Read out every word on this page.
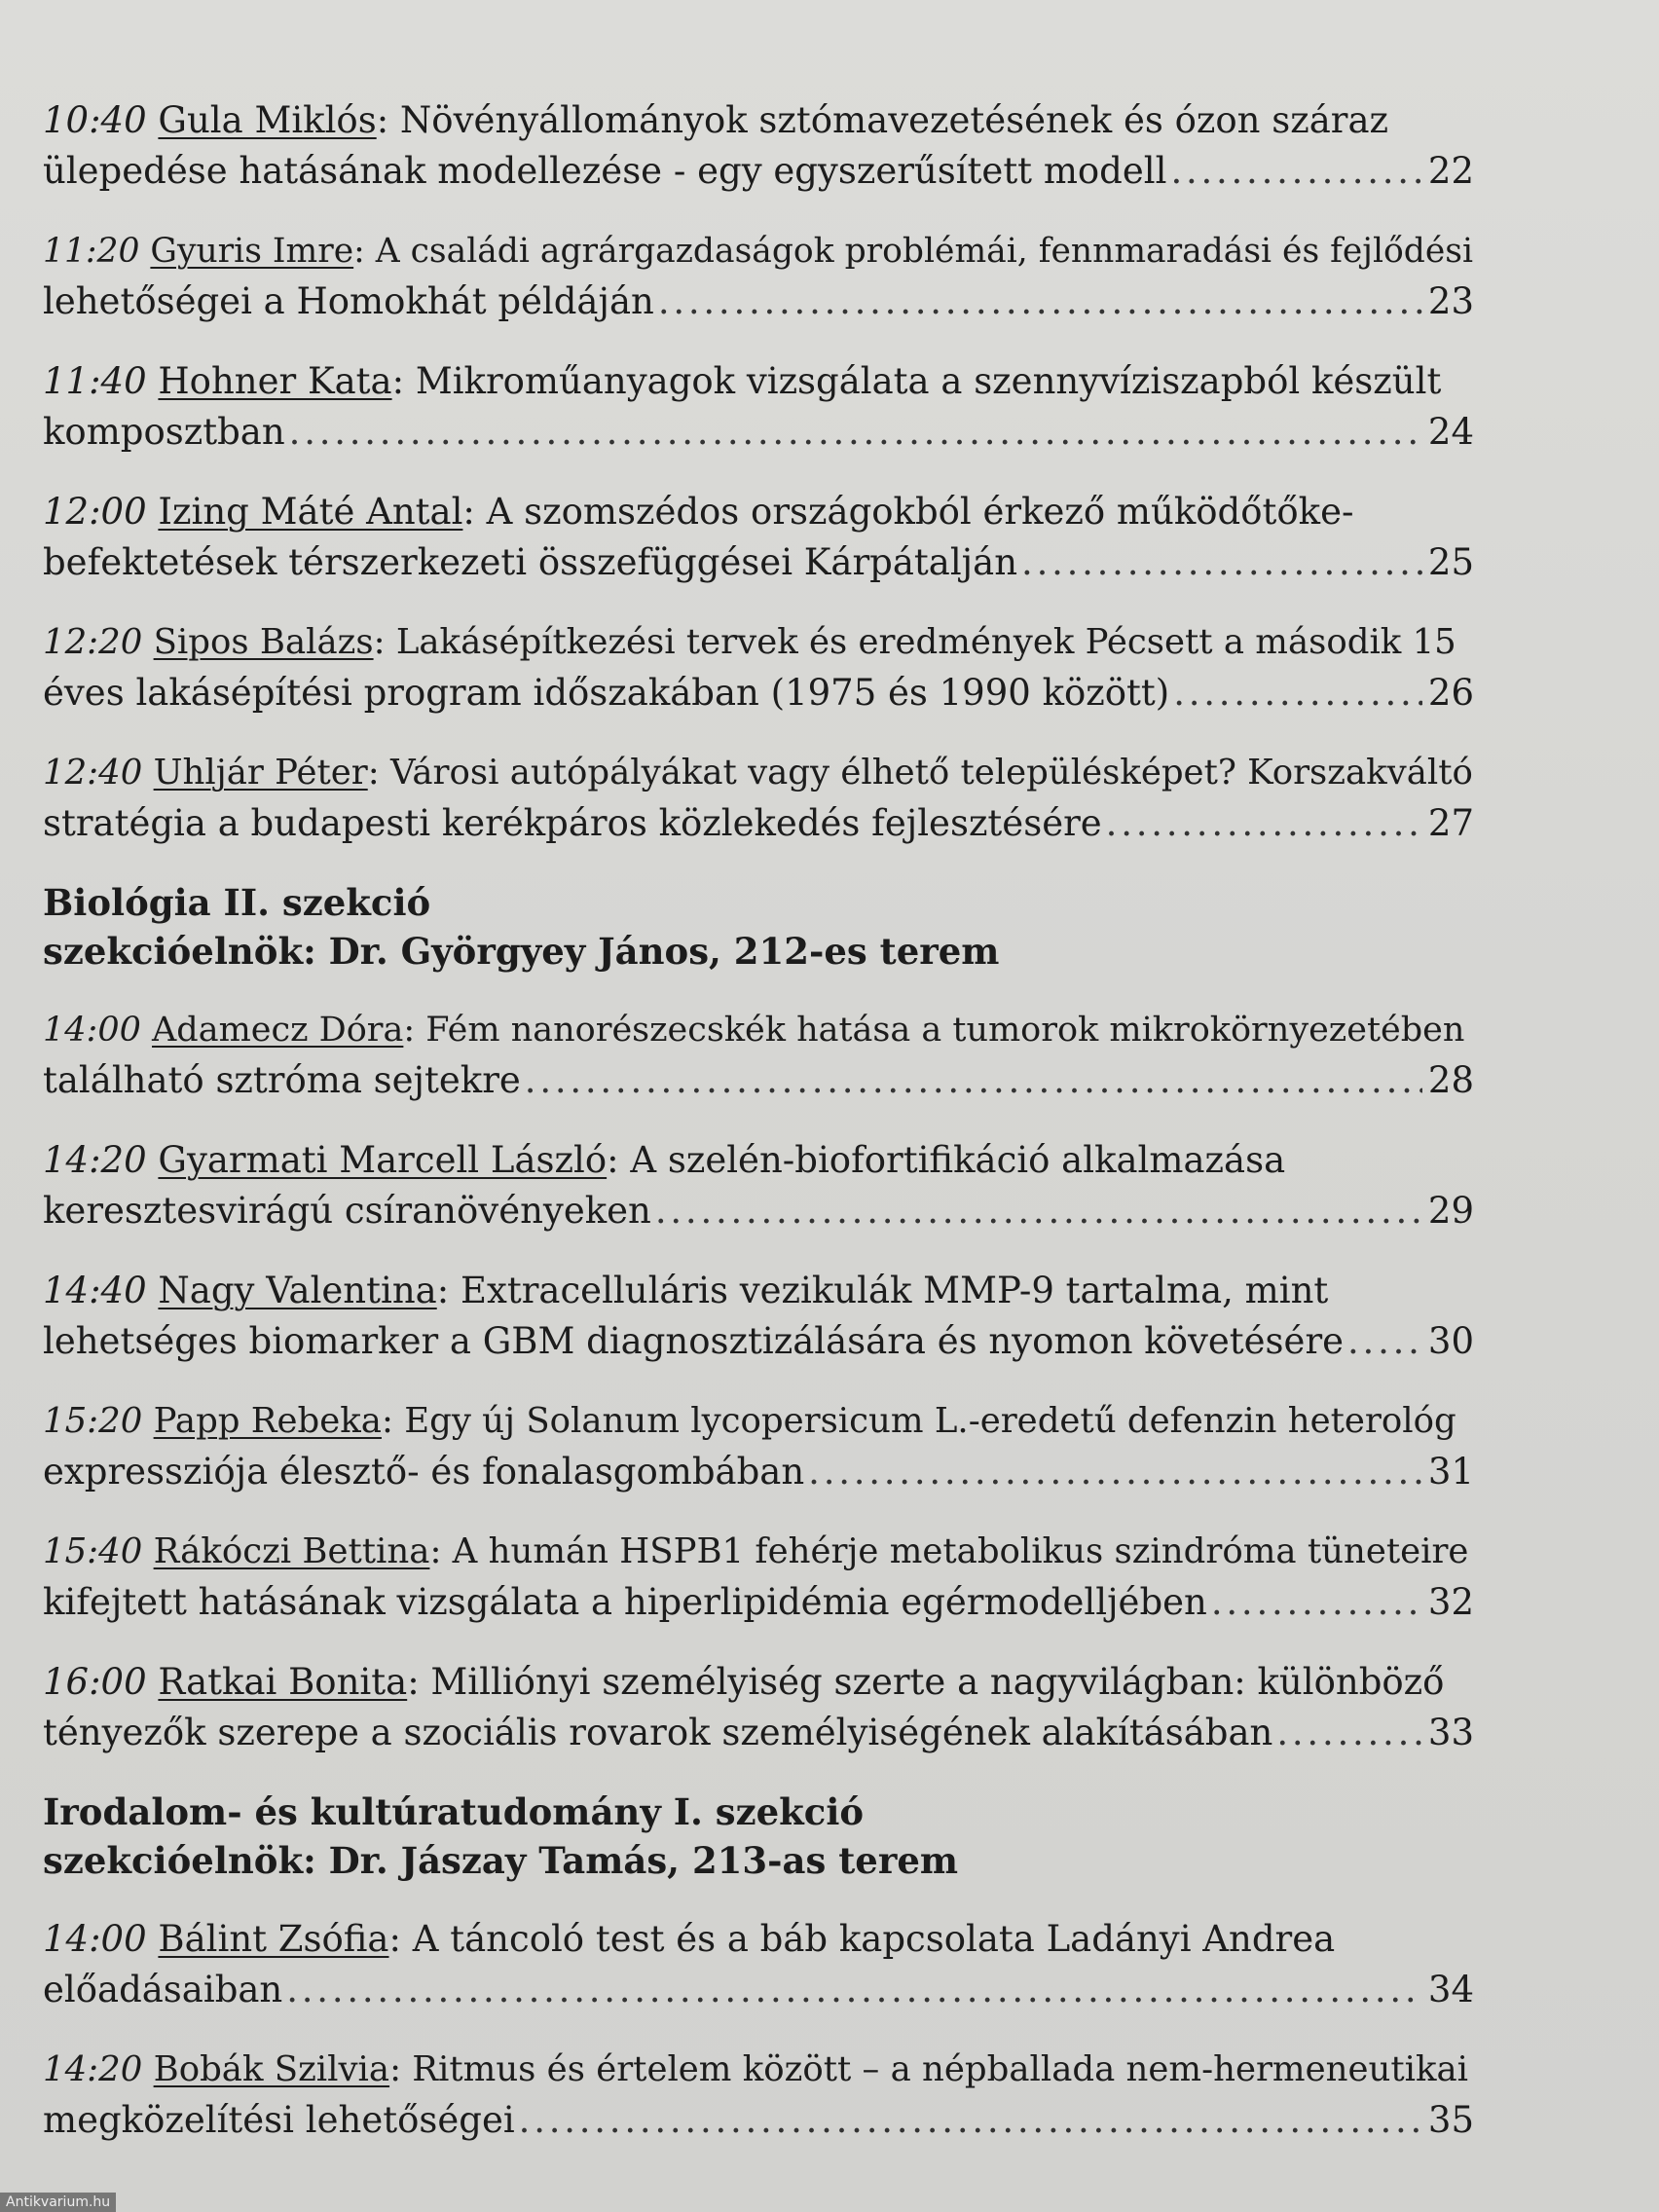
10:40 Gula Miklós: Növényállományok sztómavezetésének és ózon száraz
ülepedése hatásának modellezése - egy egyszerűsített modell . . .	22
11:20 Gyuris Imre: A családi agrárgazdaságok problémái, fennmaradási és fejlődési
lehetőségei a Homokhát példáján . . .	23
11:40 Hohner Kata: Mikroműanyagok vizsgálata a szennyvíziszapból készült
komposztban . . .	24
12:00 Izing Máté Antal: A szomszédos országokból érkező működőtőke-
befektetések térszerkezeti összefüggései Kárpátalján . . .	25
12:20 Sipos Balázs: Lakásépítkezési tervek és eredmények Pécsett a második 15
éves lakásépítési program időszakában (1975 és 1990 között) . . .	26
12:40 Uhljár Péter: Városi autópályákat vagy élhető településképet? Korszakváltó
stratégia a budapesti kerékpáros közlekedés fejlesztésére . . .	27
Biológia II. szekció
szekcióelnök: Dr. Györgyey János, 212-es terem
14:00 Adamecz Dóra: Fém nanorészecskék hatása a tumorok mikrokörnyezetében
található sztróma sejtekre . . .	28
14:20 Gyarmati Marcell László: A szelén-biofortifikáció alkalmazása
keresztesvirágú csíranövényeken . . .	29
14:40 Nagy Valentina: Extracelluláris vezikulák MMP-9 tartalma, mint
lehetséges biomarker a GBM diagnosztizálására és nyomon követésére . . . 30
15:20 Papp Rebeka: Egy új Solanum lycopersicum L.-eredetű defenzin heterológ
expressziója élesztő- és fonalasgombában . . .	31
15:40 Rákóczi Bettina: A humán HSPB1 fehérje metabolikus szindróma tüneteire
kifejtett hatásának vizsgálata a hiperlipidémia egérmodelljében . . .	32
16:00 Ratkai Bonita: Milliónyi személyiség szerte a nagyvilágban: különböző
tényezők szerepe a szociális rovarok személyiségének alakításában . . .	33
Irodalom- és kultúratudomány I. szekció
szekcióelnök: Dr. Jászay Tamás, 213-as terem
14:00 Bálint Zsófia: A táncoló test és a báb kapcsolata Ladányi Andrea
előadásaiban . . .	34
14:20 Bobák Szilvia: Ritmus és értelem között – a népballada nem-hermeneutikai
megközelítési lehetőségei . . .	35
Antikvarium.hu
